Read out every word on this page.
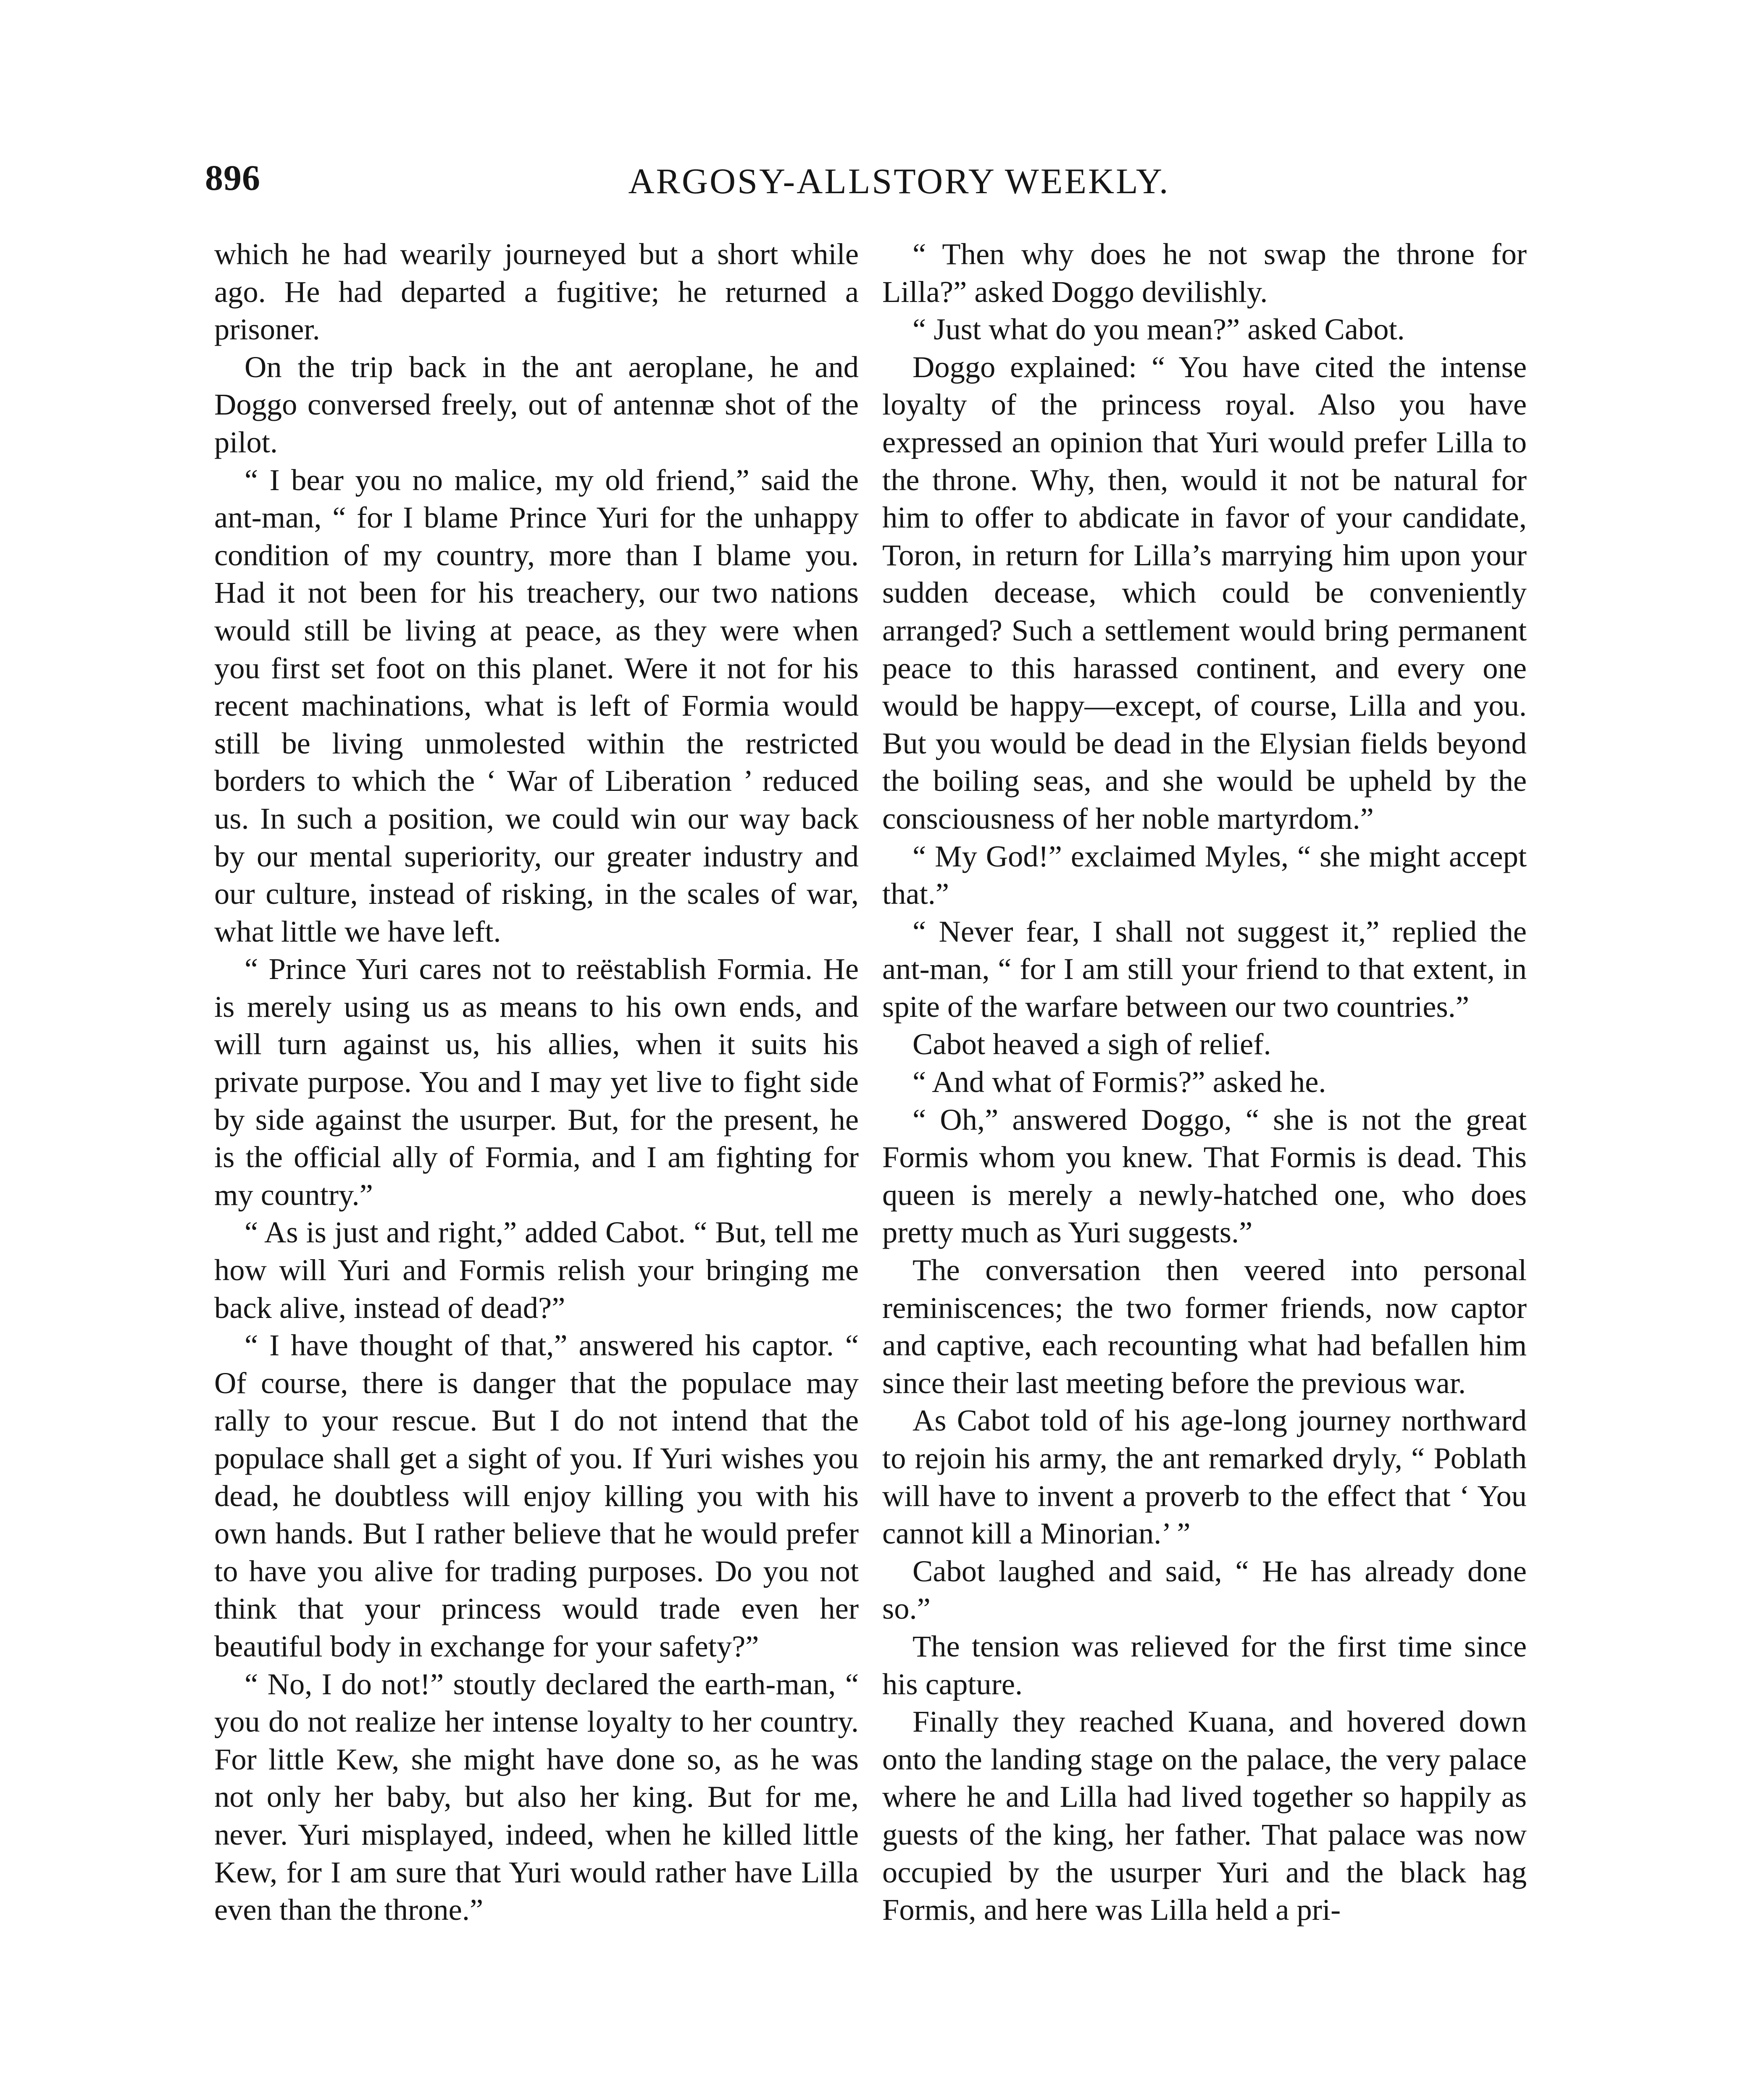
896	ARGOSY-ALLSTORY WEEKLY.

which he had wearily journeyed but a short while ago. He had departed a fugitive; he returned a prisoner.

On the trip back in the ant aeroplane, he and Doggo conversed freely, out of antennæ shot of the pilot.

“ I bear you no malice, my old friend,” said the ant-man, “ for I blame Prince Yuri for the unhappy condition of my country, more than I blame you. Had it not been for his treachery, our two nations would still be living at peace, as they were when you first set foot on this planet. Were it not for his recent machinations, what is left of Formia would still be living unmolested within the restricted borders to which the ‘ War of Liberation ’ reduced us. In such a position, we could win our way back by our mental superiority, our greater industry and our culture, instead of risking, in the scales of war, what little we have left.

“ Prince Yuri cares not to reëstablish Formia. He is merely using us as means to his own ends, and will turn against us, his allies, when it suits his private purpose. You and I may yet live to fight side by side against the usurper. But, for the present, he is the official ally of Formia, and I am fighting for my country.”

“ As is just and right,” added Cabot. “ But, tell me how will Yuri and Formis relish your bringing me back alive, instead of dead?”

“ I have thought of that,” answered his captor. “ Of course, there is danger that the populace may rally to your rescue. But I do not intend that the populace shall get a sight of you. If Yuri wishes you dead, he doubtless will enjoy killing you with his own hands. But I rather believe that he would prefer to have you alive for trading purposes. Do you not think that your princess would trade even her beautiful body in exchange for your safety?”

“ No, I do not!” stoutly declared the earth-man, “ you do not realize her intense loyalty to her country. For little Kew, she might have done so, as he was not only her baby, but also her king. But for me, never. Yuri misplayed, indeed, when he killed little Kew, for I am sure that Yuri would rather have Lilla even than the throne.”

“ Then why does he not swap the throne for Lilla?” asked Doggo devilishly.

“ Just what do you mean?” asked Cabot.

Doggo explained: “ You have cited the intense loyalty of the princess royal. Also you have expressed an opinion that Yuri would prefer Lilla to the throne. Why, then, would it not be natural for him to offer to abdicate in favor of your candidate, Toron, in return for Lilla’s marrying him upon your sudden decease, which could be conveniently arranged? Such a settlement would bring permanent peace to this harassed continent, and every one would be happy—except, of course, Lilla and you. But you would be dead in the Elysian fields beyond the boiling seas, and she would be upheld by the consciousness of her noble martyrdom.”

“ My God!” exclaimed Myles, “ she might accept that.”

“ Never fear, I shall not suggest it,” replied the ant-man, “ for I am still your friend to that extent, in spite of the warfare between our two countries.”

Cabot heaved a sigh of relief.

“ And what of Formis?” asked he.

“ Oh,” answered Doggo, “ she is not the great Formis whom you knew. That Formis is dead. This queen is merely a newly-hatched one, who does pretty much as Yuri suggests.”

The conversation then veered into personal reminiscences; the two former friends, now captor and captive, each recounting what had befallen him since their last meeting before the previous war.

As Cabot told of his age-long journey northward to rejoin his army, the ant remarked dryly, “ Poblath will have to invent a proverb to the effect that ‘ You cannot kill a Minorian.’ ”

Cabot laughed and said, “ He has already done so.”

The tension was relieved for the first time since his capture.

Finally they reached Kuana, and hovered down onto the landing stage on the palace, the very palace where he and Lilla had lived together so happily as guests of the king, her father. That palace was now occupied by the usurper Yuri and the black hag Formis, and here was Lilla held a pri-
